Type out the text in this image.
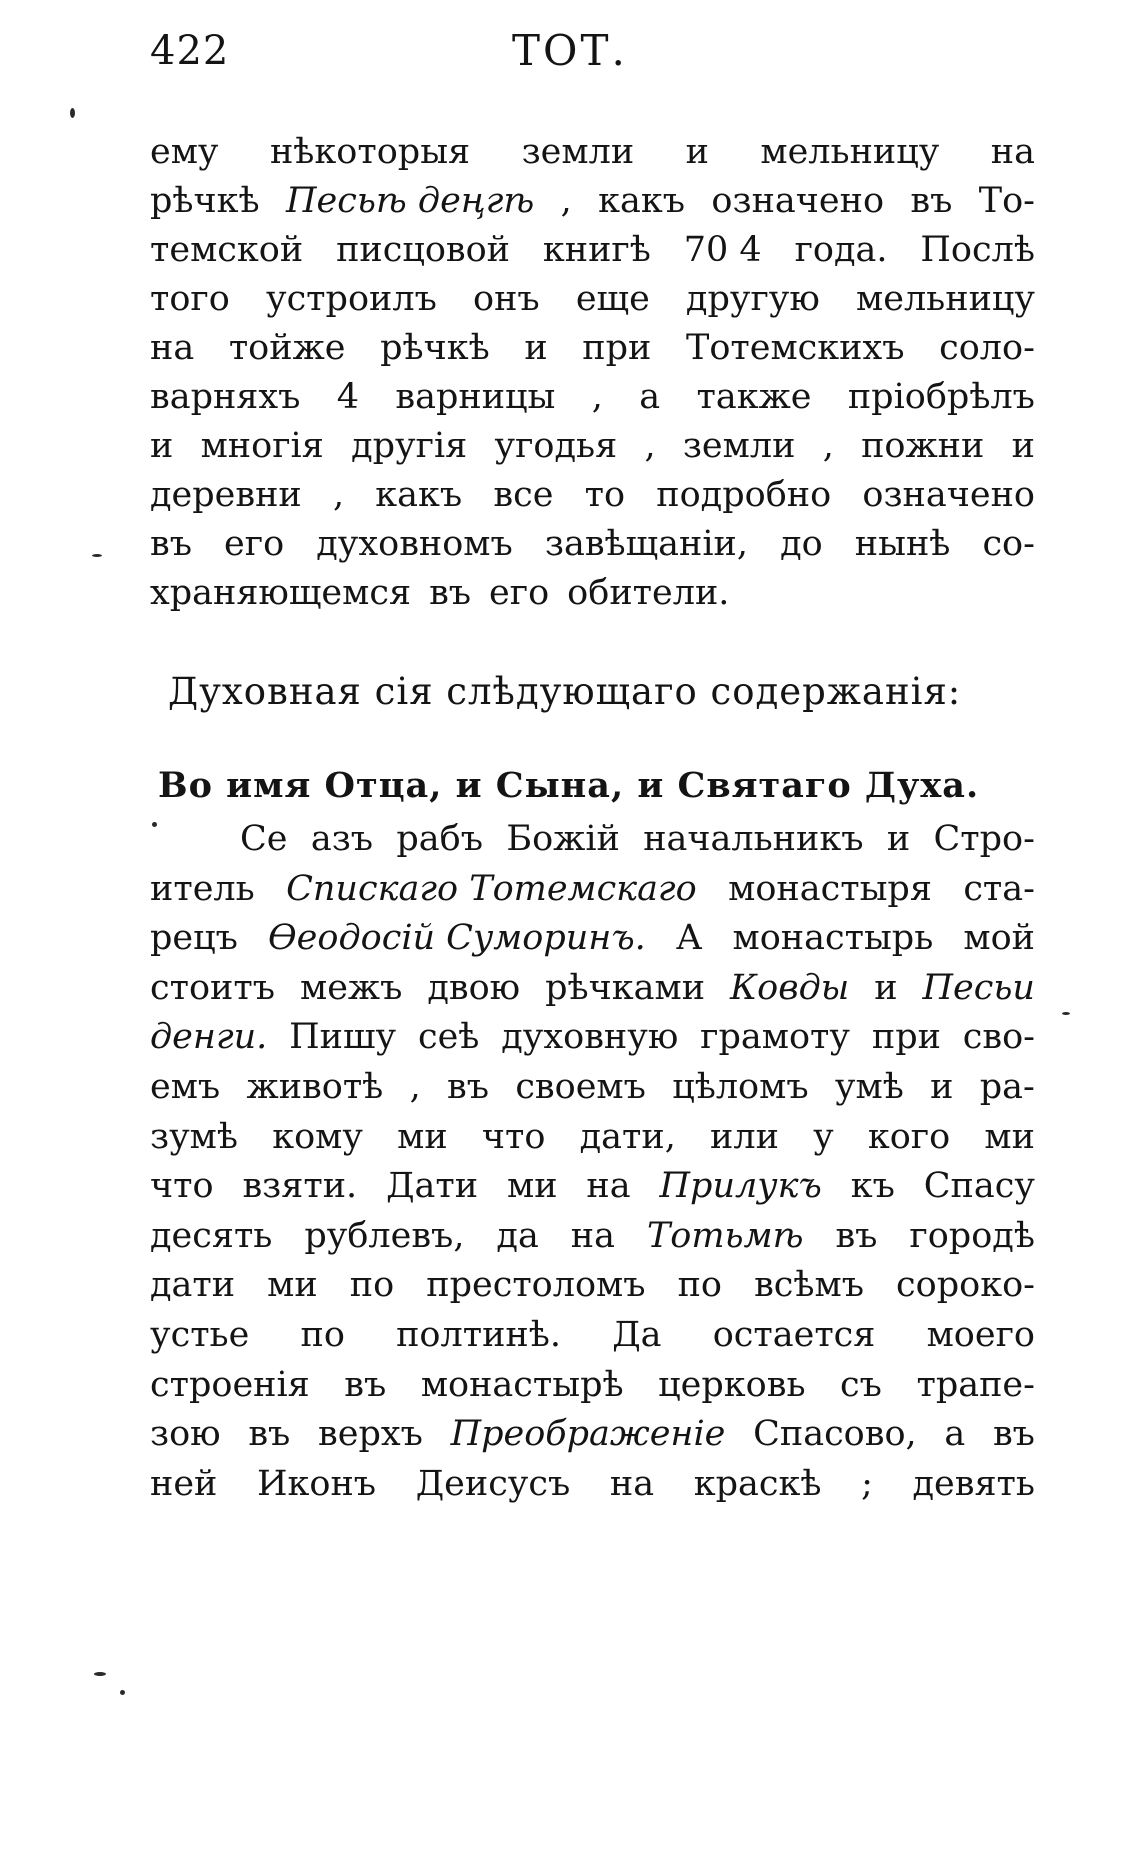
422	ТОТ.
ему нѣкоторыя земли и мельницу на
рѣчкѣ Песьѣ деңгѣ , какъ означено въ То-
темской писцовой книгѣ 70 4 года. Послѣ
того устроилъ онъ еще другую мельницу
на тойже рѣчкѣ и при Тотемскихъ соло-
варняхъ 4 варницы , а также пріобрѣлъ
и многія другія угодья , земли , пожни и
деревни , какъ все то подробно означено
въ его духовномъ завѣщаніи, до нынѣ со-
храняющемся въ его обители.
Духовная сія слѣдующаго содержанія:
Во имя Отца, и Сына, и Святаго Духа.
Се азъ рабъ Божій начальникъ и Стро-
итель Спискаго Тотемскаго монастыря ста-
рецъ Ѳеодосій Суморинъ. А монастырь мой
стоитъ межъ двою рѣчками Ковды и Песьи
денги. Пишу сеѣ духовную грамоту при сво-
емъ животѣ , въ своемъ цѣломъ умѣ и ра-
зумѣ кому ми что дати, или у кого ми
что взяти. Дати ми на Прилукъ къ Спасу
десять рублевъ, да на Тотьмѣ въ городѣ
дати ми по престоломъ по всѣмъ сороко-
устье по полтинѣ. Да остается моего
строенія въ монастырѣ церковь съ трапе-
зою въ верхъ Преображеніе Спасово, а въ
ней Иконъ Деисусъ на краскѣ ; девять
